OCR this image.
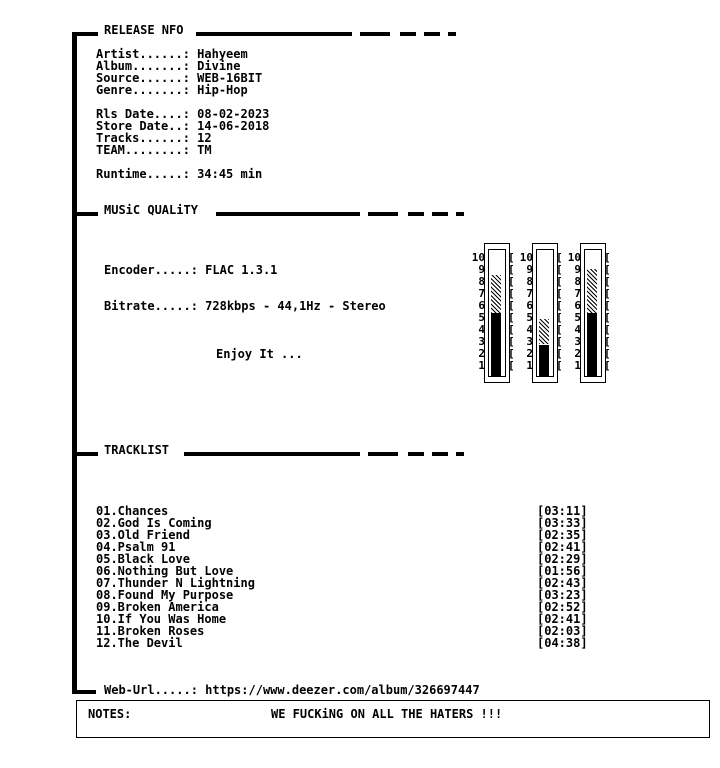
RELEASE NFO
Artist......: Hahyeem
Album.......: Divine
Source......: WEB-16BIT
Genre.......: Hip-Hop
Rls Date....: 08-02-2023
Store Date..: 14-06-2018
Tracks......: 12
TEAM........: TM
Runtime.....: 34:45 min
MUSiC QUALiTY
Encoder.....: FLAC 1.3.1
Bitrate.....: 728kbps - 44,1Hz - Stereo
Enjoy It ...
10 [
9 [
8 [
7 [
6 [
5 [
4 [
3 [
2 [
1 [
10 [
9 [
8 [
7 [
6 [
5 [
4 [
3 [
2 [
1 [
10 [
9 [
8 [
7 [
6 [
5 [
4 [
3 [
2 [
1 [
TRACKLIST
01.Chances	[03:11]
02.God Is Coming	[03:33]
03.Old Friend	[02:35]
04.Psalm 91	[02:41]
05.Black Love	[02:29]
06.Nothing But Love	[01:56]
07.Thunder N Lightning	[02:43]
08.Found My Purpose	[03:23]
09.Broken America	[02:52]
10.If You Was Home	[02:41]
11.Broken Roses	[02:03]
12.The Devil	[04:38]
Web-Url.....: https://www.deezer.com/album/326697447
NOTES:	WE FUCKiNG ON ALL THE HATERS !!!
